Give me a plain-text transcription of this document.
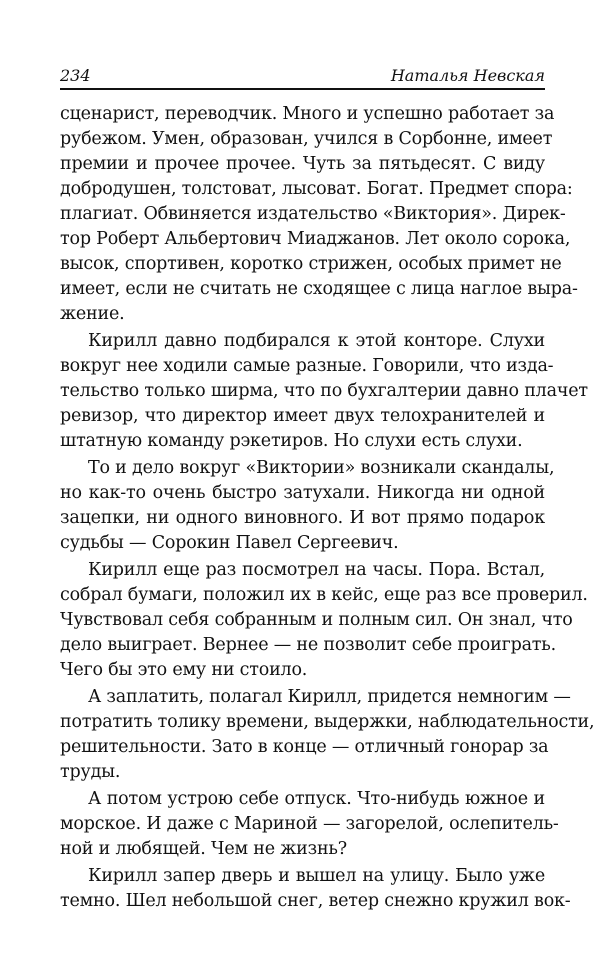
234	Наталья Невская
сценарист, переводчик. Много и успешно работает за
рубежом. Умен, образован, учился в Сорбонне, имеет
премии и прочее прочее. Чуть за пятьдесят. С виду
добродушен, толстоват, лысоват. Богат. Предмет спора:
плагиат. Обвиняется издательство «Виктория». Дирек-
тор Роберт Альбертович Миаджанов. Лет около сорока,
высок, спортивен, коротко стрижен, особых примет не
имеет, если не считать не сходящее с лица наглое выра-
жение.
Кирилл давно подбирался к этой конторе. Слухи
вокруг нее ходили самые разные. Говорили, что изда-
тельство только ширма, что по бухгалтерии давно плачет
ревизор, что директор имеет двух телохранителей и
штатную команду рэкетиров. Но слухи есть слухи.
То и дело вокруг «Виктории» возникали скандалы,
но как-то очень быстро затухали. Никогда ни одной
зацепки, ни одного виновного. И вот прямо подарок
судьбы — Сорокин Павел Сергеевич.
Кирилл еще раз посмотрел на часы. Пора. Встал,
собрал бумаги, положил их в кейс, еще раз все проверил.
Чувствовал себя собранным и полным сил. Он знал, что
дело выиграет. Вернее — не позволит себе проиграть.
Чего бы это ему ни стоило.
А заплатить, полагал Кирилл, придется немногим —
потратить толику времени, выдержки, наблюдательности,
решительности. Зато в конце — отличный гонорар за
труды.
А потом устрою себе отпуск. Что-нибудь южное и
морское. И даже с Мариной — загорелой, ослепитель-
ной и любящей. Чем не жизнь?
Кирилл запер дверь и вышел на улицу. Было уже
темно. Шел небольшой снег, ветер снежно кружил вок-
